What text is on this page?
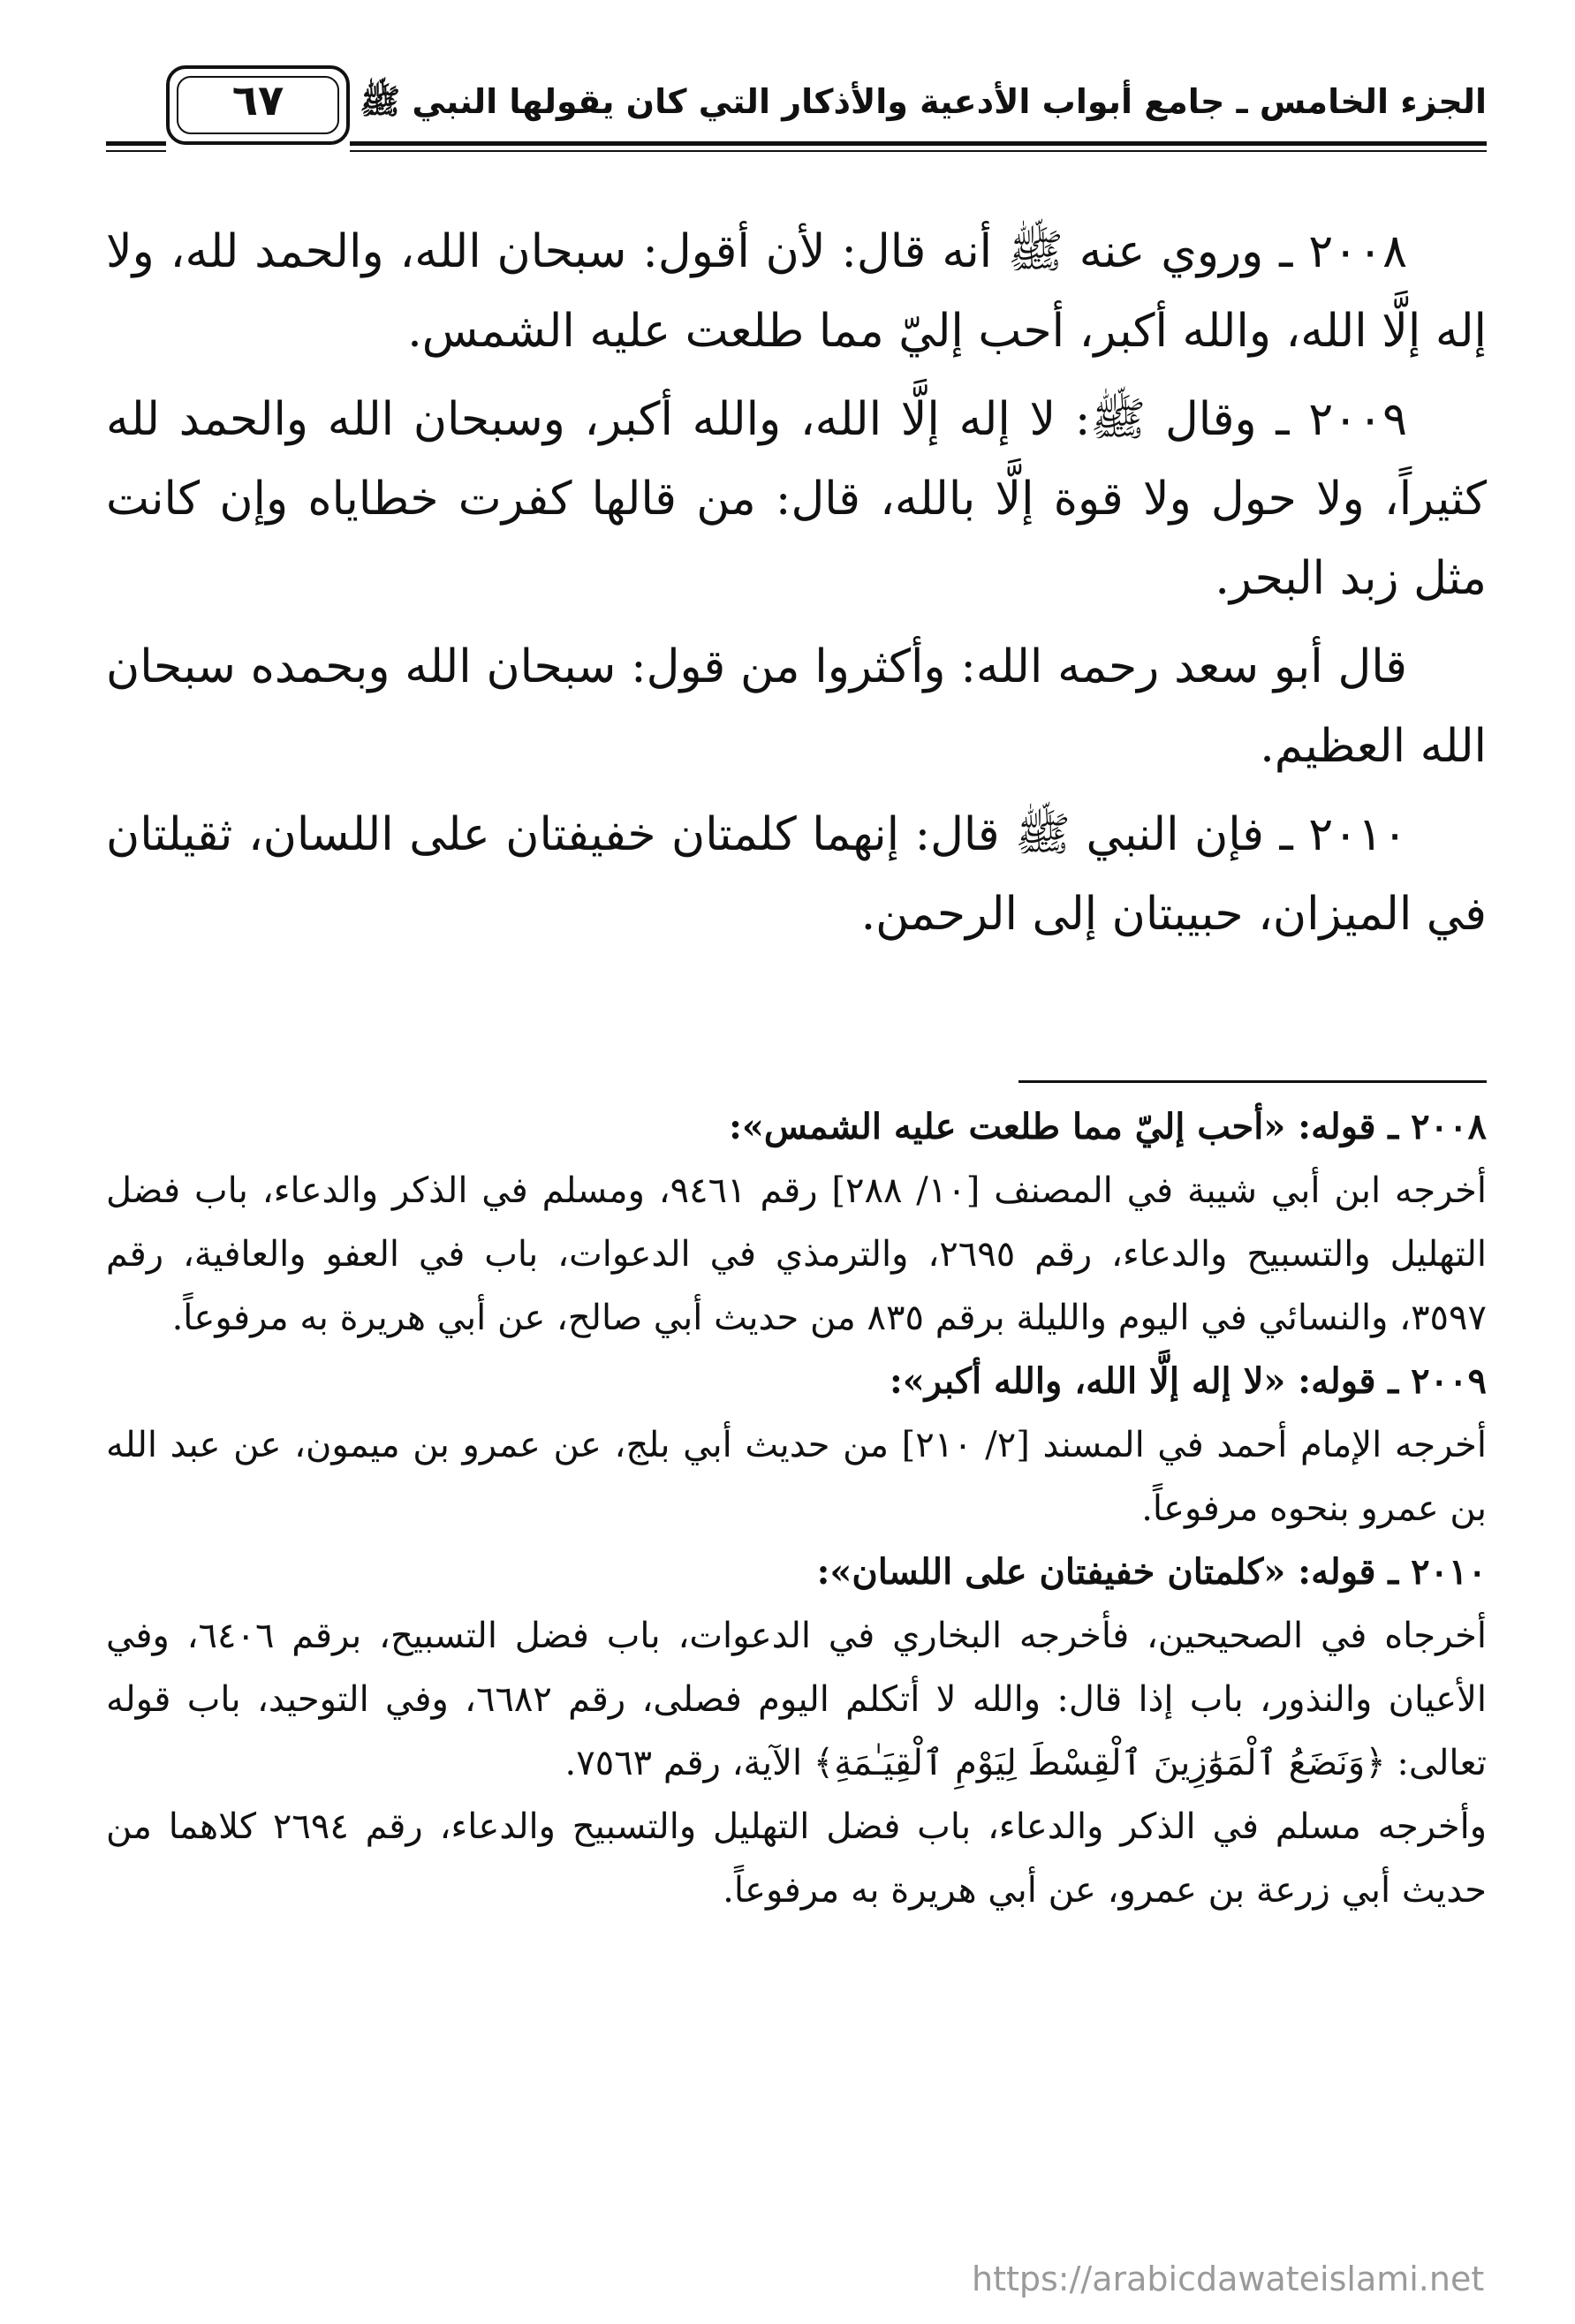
الجزء الخامس ـ جامع أبواب الأدعية والأذكار التي كان يقولها النبي ﷺ
٦٧

٢٠٠٨ ـ وروي عنه ﷺ أنه قال: لأن أقول: سبحان الله، والحمد لله، ولا إله إلَّا الله، والله أكبر، أحب إليّ مما طلعت عليه الشمس.

٢٠٠٩ ـ وقال ﷺ: لا إله إلَّا الله، والله أكبر، وسبحان الله والحمد لله كثيراً، ولا حول ولا قوة إلَّا بالله، قال: من قالها كفرت خطاياه وإن كانت مثل زبد البحر.

قال أبو سعد رحمه الله: وأكثروا من قول: سبحان الله وبحمده سبحان الله العظيم.

٢٠١٠ ـ فإن النبي ﷺ قال: إنهما كلمتان خفيفتان على اللسان، ثقيلتان في الميزان، حبيبتان إلى الرحمن.

٢٠٠٨ ـ قوله: «أحب إليّ مما طلعت عليه الشمس»:

أخرجه ابن أبي شيبة في المصنف [١٠/ ٢٨٨] رقم ٩٤٦١، ومسلم في الذكر والدعاء، باب فضل التهليل والتسبيح والدعاء، رقم ٢٦٩٥، والترمذي في الدعوات، باب في العفو والعافية، رقم ٣٥٩٧، والنسائي في اليوم والليلة برقم ٨٣٥ من حديث أبي صالح، عن أبي هريرة به مرفوعاً.

٢٠٠٩ ـ قوله: «لا إله إلَّا الله، والله أكبر»:

أخرجه الإمام أحمد في المسند [٢/ ٢١٠] من حديث أبي بلج، عن عمرو بن ميمون، عن عبد الله بن عمرو بنحوه مرفوعاً.

٢٠١٠ ـ قوله: «كلمتان خفيفتان على اللسان»:

أخرجاه في الصحيحين، فأخرجه البخاري في الدعوات، باب فضل التسبيح، برقم ٦٤٠٦، وفي الأعيان والنذور، باب إذا قال: والله لا أتكلم اليوم فصلى، رقم ٦٦٨٢، وفي التوحيد، باب قوله تعالى: ﴿وَنَضَعُ ٱلْمَوَٰزِينَ ٱلْقِسْطَ لِيَوْمِ ٱلْقِيَـٰمَةِ﴾ الآية، رقم ٧٥٦٣.

وأخرجه مسلم في الذكر والدعاء، باب فضل التهليل والتسبيح والدعاء، رقم ٢٦٩٤ كلاهما من حديث أبي زرعة بن عمرو، عن أبي هريرة به مرفوعاً.

https://arabicdawateislami.net
